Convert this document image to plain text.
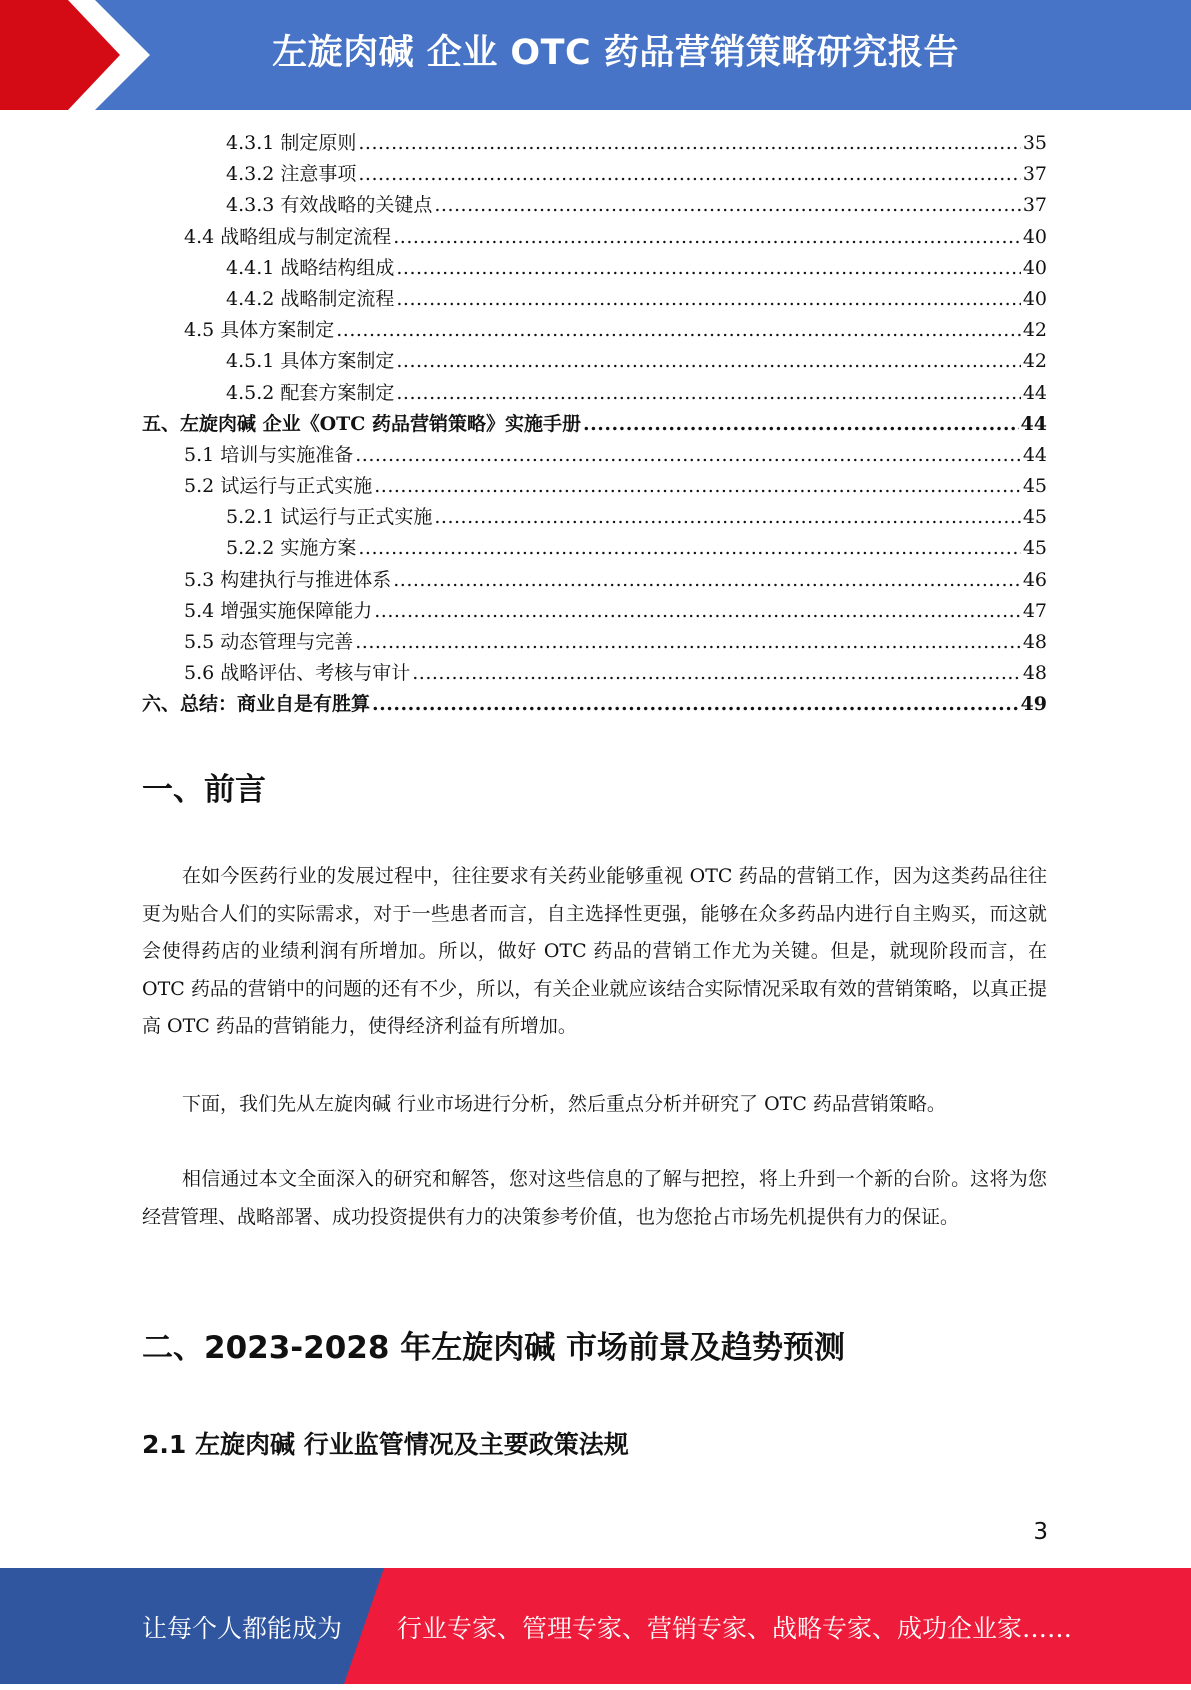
左旋肉碱 企业 OTC 药品营销策略研究报告
4.3.1 制定原则 .....	35
4.3.2 注意事项 .....	37
4.3.3 有效战略的关键点 .....	37
4.4 战略组成与制定流程 .....	40
4.4.1 战略结构组成 .....	40
4.4.2 战略制定流程 .....	40
4.5 具体方案制定 .....	42
4.5.1 具体方案制定 .....	42
4.5.2 配套方案制定 .....	44
五、左旋肉碱 企业《OTC 药品营销策略》实施手册 .....	44
5.1 培训与实施准备 .....	44
5.2 试运行与正式实施 .....	45
5.2.1 试运行与正式实施 .....	45
5.2.2 实施方案 .....	45
5.3 构建执行与推进体系 .....	46
5.4 增强实施保障能力 .....	47
5.5 动态管理与完善 .....	48
5.6 战略评估、考核与审计 .....	48
六、总结：商业自是有胜算 .....	49
一、前言

在如今医药行业的发展过程中，往往要求有关药业能够重视 OTC 药品的营销工作，因为这类药品往往更为贴合人们的实际需求，对于一些患者而言，自主选择性更强，能够在众多药品内进行自主购买，而这就会使得药店的业绩利润有所增加。所以，做好 OTC 药品的营销工作尤为关键。但是，就现阶段而言，在 OTC 药品的营销中的问题的还有不少，所以，有关企业就应该结合实际情况采取有效的营销策略，以真正提高 OTC 药品的营销能力，使得经济利益有所增加。

下面，我们先从左旋肉碱 行业市场进行分析，然后重点分析并研究了 OTC 药品营销策略。

相信通过本文全面深入的研究和解答，您对这些信息的了解与把控，将上升到一个新的台阶。这将为您经营管理、战略部署、成功投资提供有力的决策参考价值，也为您抢占市场先机提供有力的保证。

二、2023-2028 年左旋肉碱 市场前景及趋势预测
2.1 左旋肉碱 行业监管情况及主要政策法规
3
让每个人都能成为 行业专家、管理专家、营销专家、战略专家、成功企业家……
